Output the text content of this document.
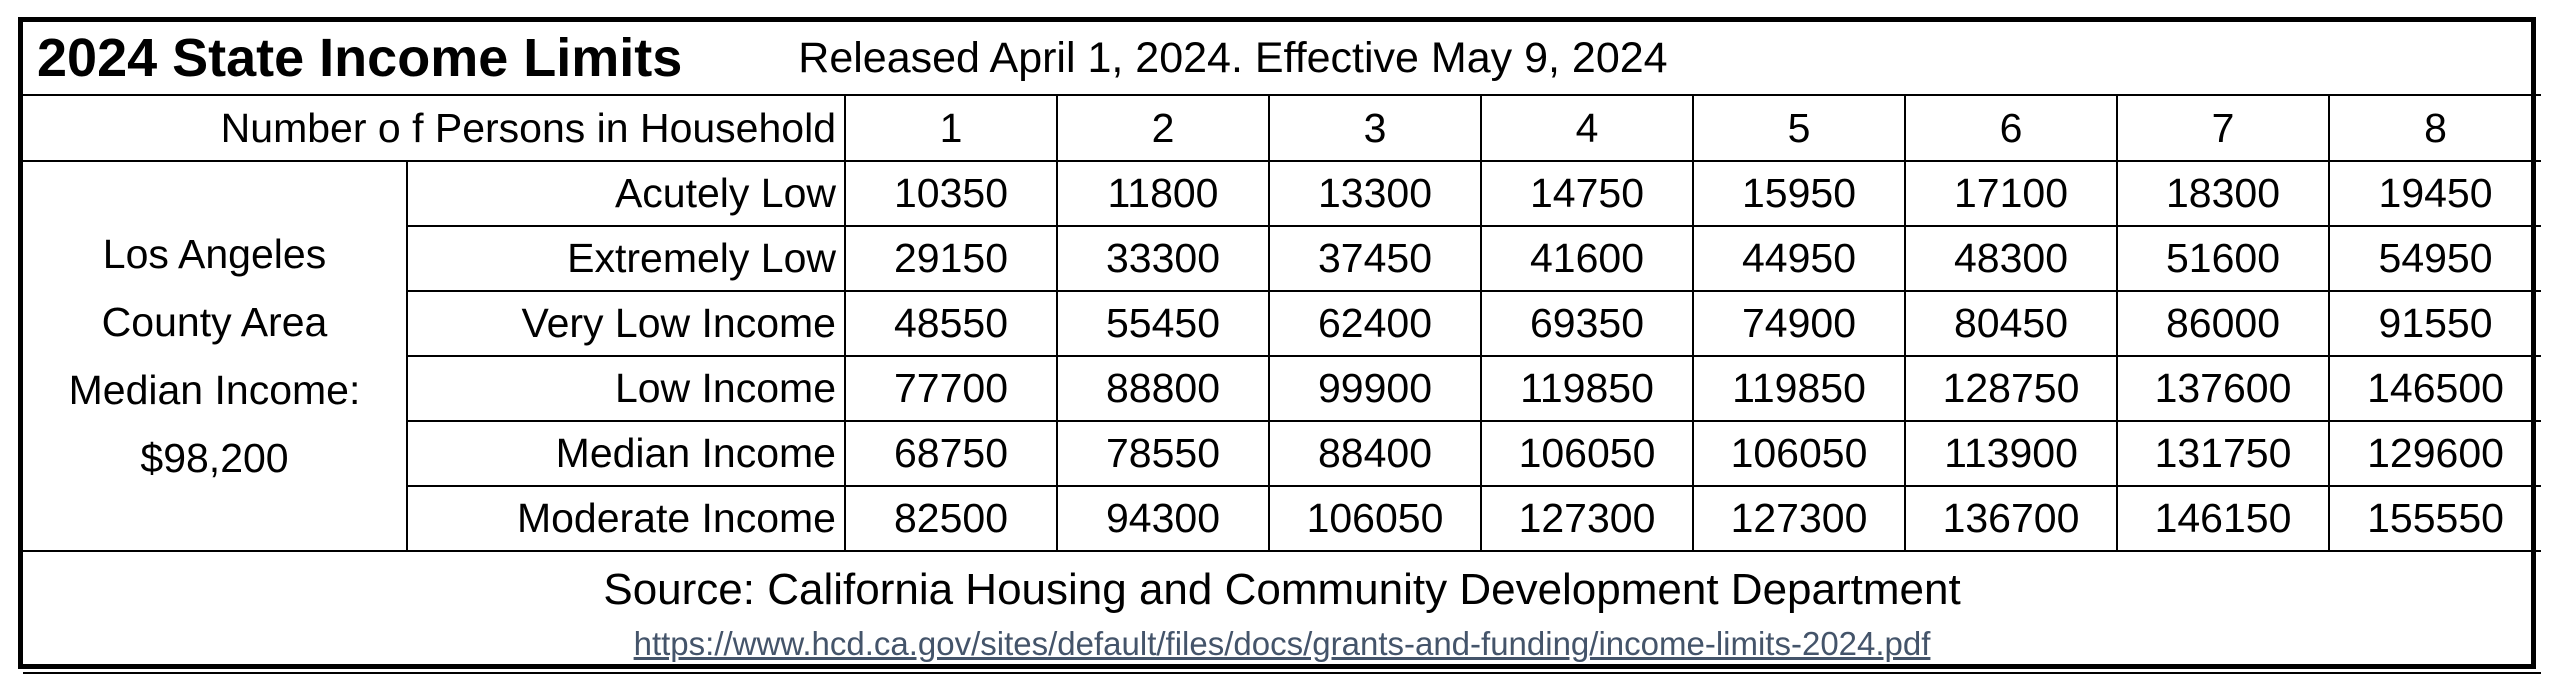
2024 State Income Limits Released April 1, 2024. Effective May 9, 2024									

Number o f Persons in Household		1	2	3	4	5	6	7	8

Los Angeles
County Area
Median Income:
$98,200	Acutely Low	10350	11800	13300	14750	15950	17100	18300	19450
	Extremely Low	29150	33300	37450	41600	44950	48300	51600	54950
	Very Low Income	48550	55450	62400	69350	74900	80450	86000	91550
	Low Income	77700	88800	99900	119850	119850	128750	137600	146500
	Median Income	68750	78550	88400	106050	106050	113900	131750	129600
	Moderate Income	82500	94300	106050	127300	127300	136700	146150	155550

Source: California Housing and Community Development Department
https://www.hcd.ca.gov/sites/default/files/docs/grants-and-funding/income-limits-2024.pdf									
